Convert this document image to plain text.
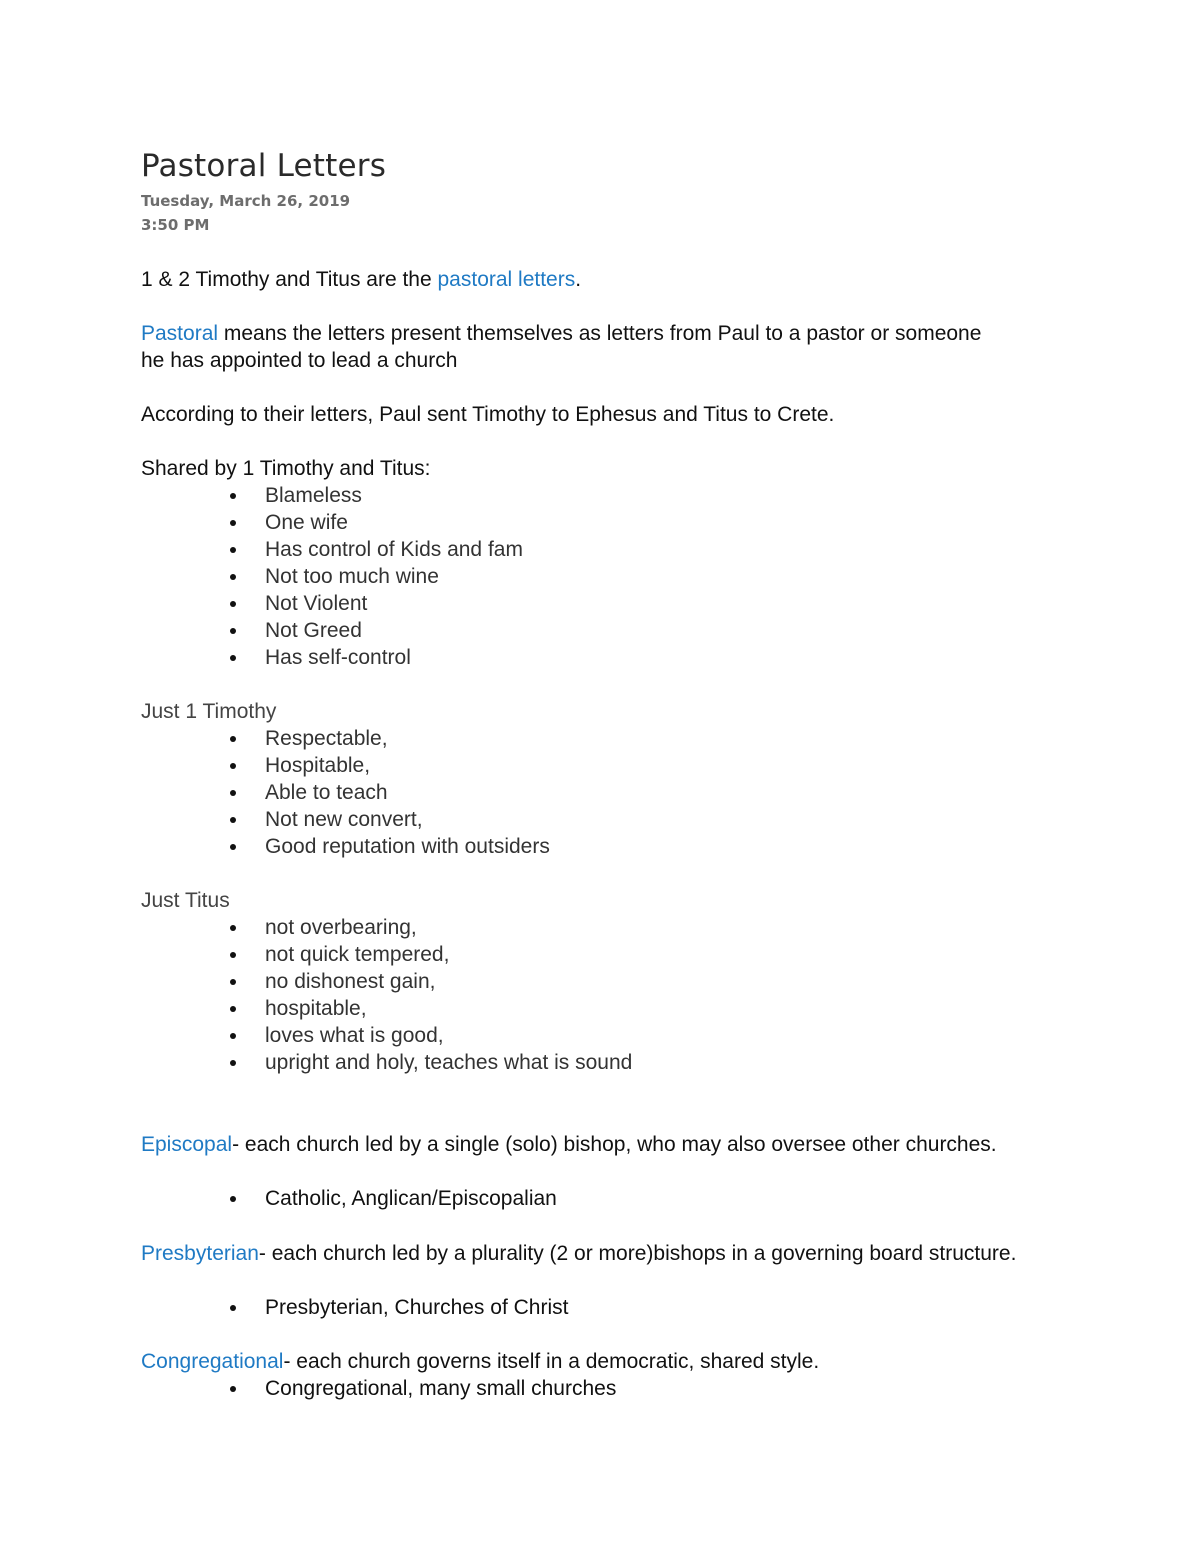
Pastoral Letters
Tuesday, March 26, 2019
3:50 PM

1 & 2 Timothy and Titus are the pastoral letters.

Pastoral means the letters present themselves as letters from Paul to a pastor or someone he has appointed to lead a church

According to their letters, Paul sent Timothy to Ephesus and Titus to Crete.

Shared by 1 Timothy and Titus:

Blameless
One wife
Has control of Kids and fam
Not too much wine
Not Violent
Not Greed
Has self-control

Just 1 Timothy

Respectable,
Hospitable,
Able to teach
Not new convert,
Good reputation with outsiders

Just Titus

not overbearing,
not quick tempered,
no dishonest gain,
hospitable,
loves what is good,
upright and holy, teaches what is sound

Episcopal- each church led by a single (solo) bishop, who may also oversee other churches.

Catholic, Anglican/Episcopalian

Presbyterian- each church led by a plurality (2 or more)bishops in a governing board structure.

Presbyterian, Churches of Christ

Congregational- each church governs itself in a democratic, shared style.

Congregational, many small churches
